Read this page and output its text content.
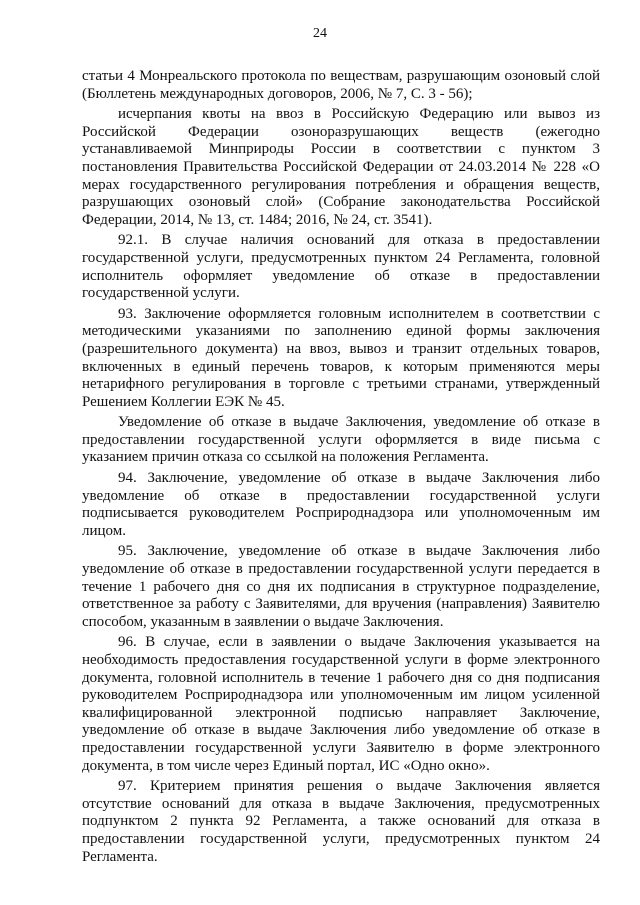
24

статьи 4 Монреальского протокола по веществам, разрушающим озоновый слой (Бюллетень международных договоров, 2006, № 7, С. 3 - 56);

исчерпания квоты на ввоз в Российскую Федерацию или вывоз из Российской Федерации озоноразрушающих веществ (ежегодно устанавливаемой Минприроды России в соответствии с пунктом 3 постановления Правительства Российской Федерации от 24.03.2014 № 228 «О мерах государственного регулирования потребления и обращения веществ, разрушающих озоновый слой» (Собрание законодательства Российской Федерации, 2014, № 13, ст. 1484; 2016, № 24, ст. 3541).

92.1. В случае наличия оснований для отказа в предоставлении государственной услуги, предусмотренных пунктом 24 Регламента, головной исполнитель оформляет уведомление об отказе в предоставлении государственной услуги.

93. Заключение оформляется головным исполнителем в соответствии с методическими указаниями по заполнению единой формы заключения (разрешительного документа) на ввоз, вывоз и транзит отдельных товаров, включенных в единый перечень товаров, к которым применяются меры нетарифного регулирования в торговле с третьими странами, утвержденный Решением Коллегии ЕЭК № 45.

Уведомление об отказе в выдаче Заключения, уведомление об отказе в предоставлении государственной услуги оформляется в виде письма с указанием причин отказа со ссылкой на положения Регламента.

94. Заключение, уведомление об отказе в выдаче Заключения либо уведомление об отказе в предоставлении государственной услуги подписывается руководителем Росприроднадзора или уполномоченным им лицом.

95. Заключение, уведомление об отказе в выдаче Заключения либо уведомление об отказе в предоставлении государственной услуги передается в течение 1 рабочего дня со дня их подписания в структурное подразделение, ответственное за работу с Заявителями, для вручения (направления) Заявителю способом, указанным в заявлении о выдаче Заключения.

96. В случае, если в заявлении о выдаче Заключения указывается на необходимость предоставления государственной услуги в форме электронного документа, головной исполнитель в течение 1 рабочего дня со дня подписания руководителем Росприроднадзора или уполномоченным им лицом усиленной квалифицированной электронной подписью направляет Заключение, уведомление об отказе в выдаче Заключения либо уведомление об отказе в предоставлении государственной услуги Заявителю в форме электронного документа, в том числе через Единый портал, ИС «Одно окно».

97. Критерием принятия решения о выдаче Заключения является отсутствие оснований для отказа в выдаче Заключения, предусмотренных подпунктом 2 пункта 92 Регламента, а также оснований для отказа в предоставлении государственной услуги, предусмотренных пунктом 24 Регламента.
